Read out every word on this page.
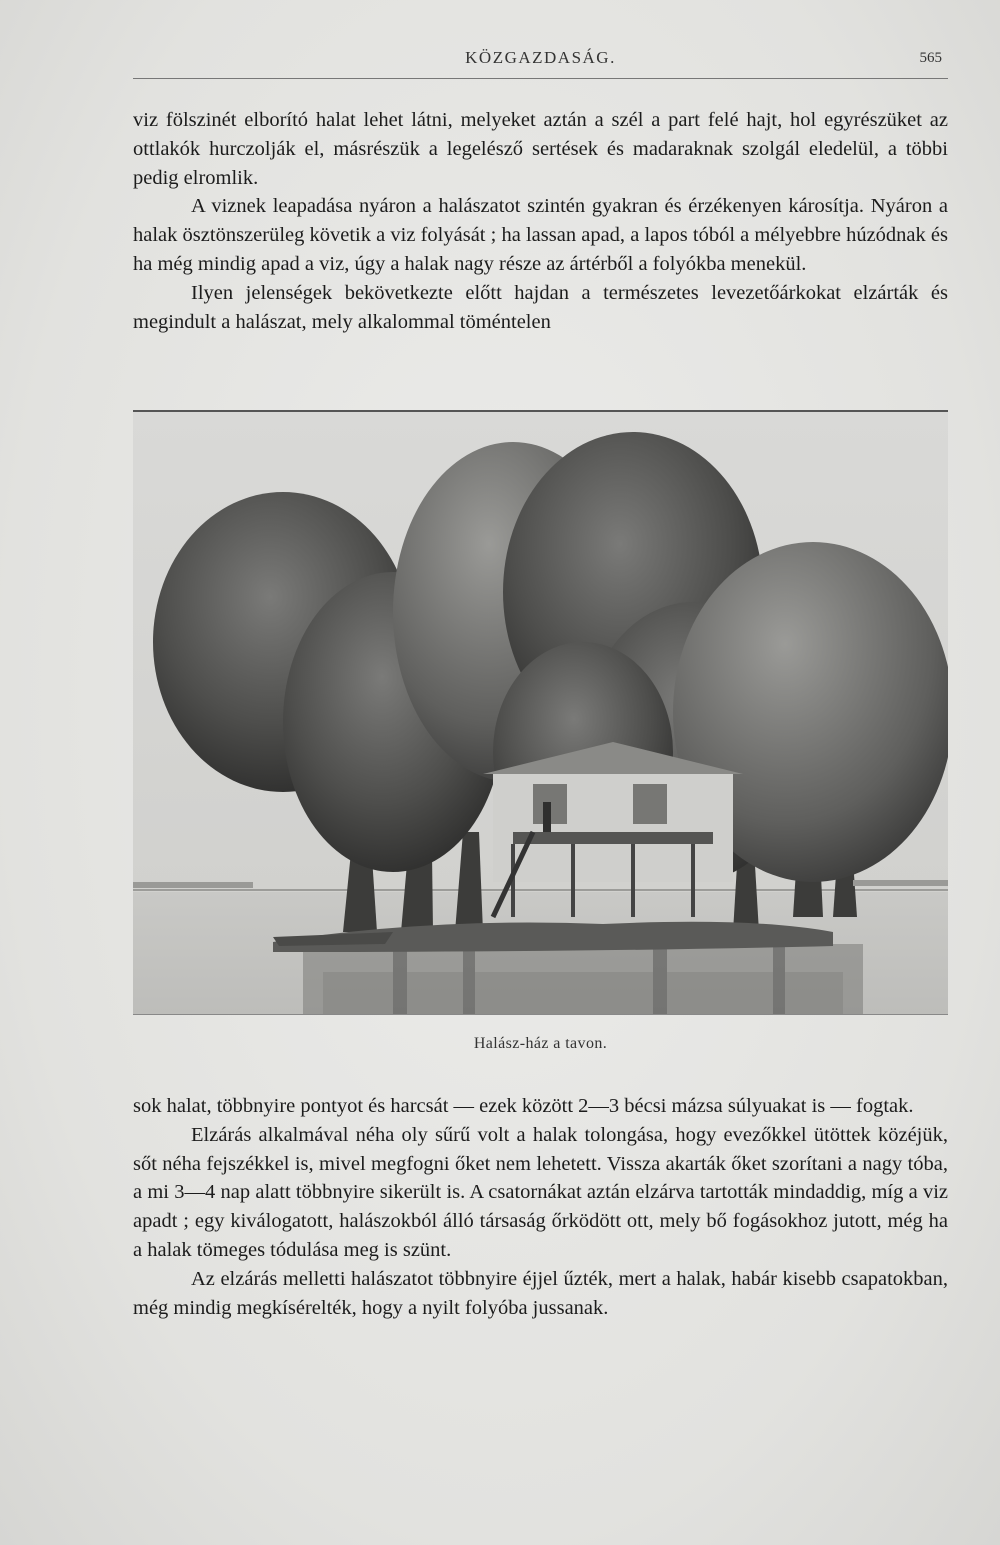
KÖZGAZDASÁG.	565

viz fölszinét elborító halat lehet látni, melyeket aztán a szél a part felé hajt, hol egyrészüket az ottlakók hurczolják el, másrészük a legelésző sertések és madaraknak szolgál eledelül, a többi pedig elromlik.

A viznek leapadása nyáron a halászatot szintén gyakran és érzékenyen károsítja. Nyáron a halak ösztönszerüleg követik a viz folyását ; ha lassan apad, a lapos tóból a mélyebbre húzódnak és ha még mindig apad a viz, úgy a halak nagy része az ártérből a folyókba menekül.

Ilyen jelenségek bekövetkezte előtt hajdan a természetes levezetőárkokat elzárták és megindult a halászat, mely alkalommal töméntelen

Halász-ház a tavon.

sok halat, többnyire pontyot és harcsát — ezek között 2—3 bécsi mázsa súlyuakat is — fogtak.

Elzárás alkalmával néha oly sűrű volt a halak tolongása, hogy evezőkkel ütöttek közéjük, sőt néha fejszékkel is, mivel megfogni őket nem lehetett. Vissza akarták őket szorítani a nagy tóba, a mi 3—4 nap alatt többnyire sikerült is. A csatornákat aztán elzárva tartották mindaddig, míg a viz apadt ; egy kiválogatott, halászokból álló társaság őrködött ott, mely bő fogásokhoz jutott, még ha a halak tömeges tódulása meg is szünt.

Az elzárás melletti halászatot többnyire éjjel űzték, mert a halak, habár kisebb csapatokban, még mindig megkísérelték, hogy a nyilt folyóba jussanak.
